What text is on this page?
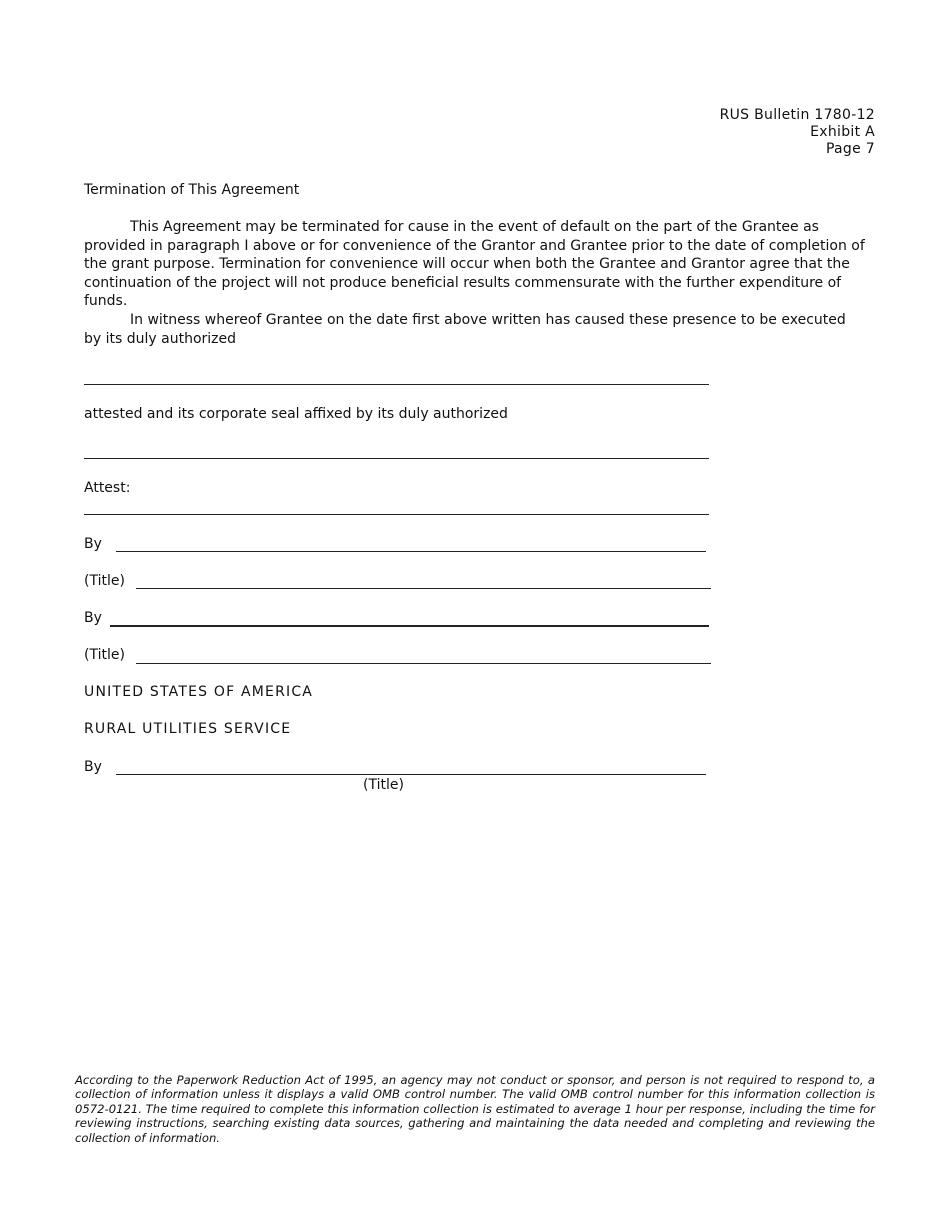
RUS Bulletin 1780-12
Exhibit A
Page 7
Termination of This Agreement

This Agreement may be terminated for cause in the event of default on the part of the Grantee as provided in paragraph I above or for convenience of the Grantor and Grantee prior to the date of completion of the grant purpose. Termination for convenience will occur when both the Grantee and Grantor agree that the continuation of the project will not produce beneficial results commensurate with the further expenditure of funds.

In witness whereof Grantee on the date first above written has caused these presence to be executed by its duly authorized

attested and its corporate seal affixed by its duly authorized
Attest:
By
(Title)
By
(Title)
UNITED STATES OF AMERICA
RURAL UTILITIES SERVICE
By
(Title)

According to the Paperwork Reduction Act of 1995, an agency may not conduct or sponsor, and person is not required to respond to, a collection of information unless it displays a valid OMB control number. The valid OMB control number for this information collection is 0572-0121. The time required to complete this information collection is estimated to average 1 hour per response, including the time for reviewing instructions, searching existing data sources, gathering and maintaining the data needed and completing and reviewing the collection of information.
